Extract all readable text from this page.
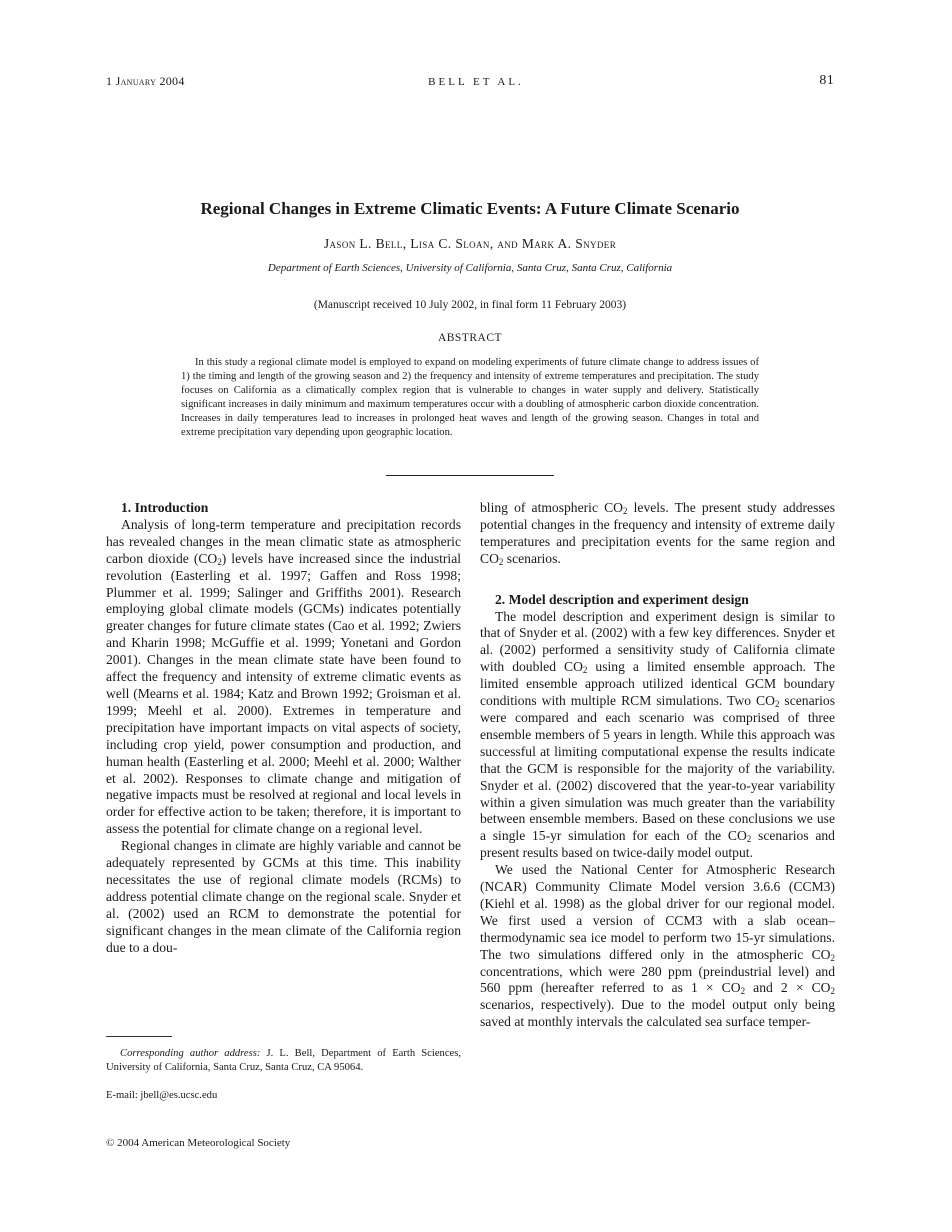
1 January 2004	BELL ET AL.	81
Regional Changes in Extreme Climatic Events: A Future Climate Scenario
Jason L. Bell, Lisa C. Sloan, and Mark A. Snyder
Department of Earth Sciences, University of California, Santa Cruz, Santa Cruz, California
(Manuscript received 10 July 2002, in final form 11 February 2003)
ABSTRACT

In this study a regional climate model is employed to expand on modeling experiments of future climate change to address issues of 1) the timing and length of the growing season and 2) the frequency and intensity of extreme temperatures and precipitation. The study focuses on California as a climatically complex region that is vulnerable to changes in water supply and delivery. Statistically significant increases in daily minimum and maximum temperatures occur with a doubling of atmospheric carbon dioxide concentration. Increases in daily temperatures lead to increases in prolonged heat waves and length of the growing season. Changes in total and extreme precipitation vary depending upon geographic location.

1. Introduction

Analysis of long-term temperature and precipitation records has revealed changes in the mean climatic state as atmospheric carbon dioxide $(CO_2)$ levels have increased since the industrial revolution (Easterling et al. 1997; Gaffen and Ross 1998; Plummer et al. 1999; Salinger and Griffiths 2001). Research employing global climate models (GCMs) indicates potentially greater changes for future climate states (Cao et al. 1992; Zwiers and Kharin 1998; McGuffie et al. 1999; Yonetani and Gordon 2001). Changes in the mean climate state have been found to affect the frequency and intensity of extreme climatic events as well (Mearns et al. 1984; Katz and Brown 1992; Groisman et al. 1999; Meehl et al. 2000). Extremes in temperature and precipitation have important impacts on vital aspects of society, including crop yield, power consumption and production, and human health (Easterling et al. 2000; Meehl et al. 2000; Walther et al. 2002). Responses to climate change and mitigation of negative impacts must be resolved at regional and local levels in order for effective action to be taken; therefore, it is important to assess the potential for climate change on a regional level.

Regional changes in climate are highly variable and cannot be adequately represented by GCMs at this time. This inability necessitates the use of regional climate models (RCMs) to address potential climate change on the regional scale. Snyder et al. (2002) used an RCM to demonstrate the potential for significant changes in the mean climate of the California region due to a dou-

bling of atmospheric $CO_2$ levels. The present study addresses potential changes in the frequency and intensity of extreme daily temperatures and precipitation events for the same region and $CO_2$ scenarios.

2. Model description and experiment design

The model description and experiment design is similar to that of Snyder et al. (2002) with a few key differences. Snyder et al. (2002) performed a sensitivity study of California climate with doubled $CO_2$ using a limited ensemble approach. The limited ensemble approach utilized identical GCM boundary conditions with multiple RCM simulations. Two $CO_2$ scenarios were compared and each scenario was comprised of three ensemble members of 5 years in length. While this approach was successful at limiting computational expense the results indicate that the GCM is responsible for the majority of the variability. Snyder et al. (2002) discovered that the year-to-year variability within a given simulation was much greater than the variability between ensemble members. Based on these conclusions we use a single 15-yr simulation for each of the $CO_2$ scenarios and present results based on twice-daily model output.

We used the National Center for Atmospheric Research (NCAR) Community Climate Model version 3.6.6 (CCM3) (Kiehl et al. 1998) as the global driver for our regional model. We first used a version of CCM3 with a slab ocean–thermodynamic sea ice model to perform two 15-yr simulations. The two simulations differed only in the atmospheric $CO_2$ concentrations, which were 280 ppm (preindustrial level) and 560 ppm (hereafter referred to as $1 \times CO_2$ and $2 \times CO_2$ scenarios, respectively). Due to the model output only being saved at monthly intervals the calculated sea surface temper-

Corresponding author address: J. L. Bell, Department of Earth Sciences, University of California, Santa Cruz, Santa Cruz, CA 95064.

E-mail: jbell@es.ucsc.edu
© 2004 American Meteorological Society
